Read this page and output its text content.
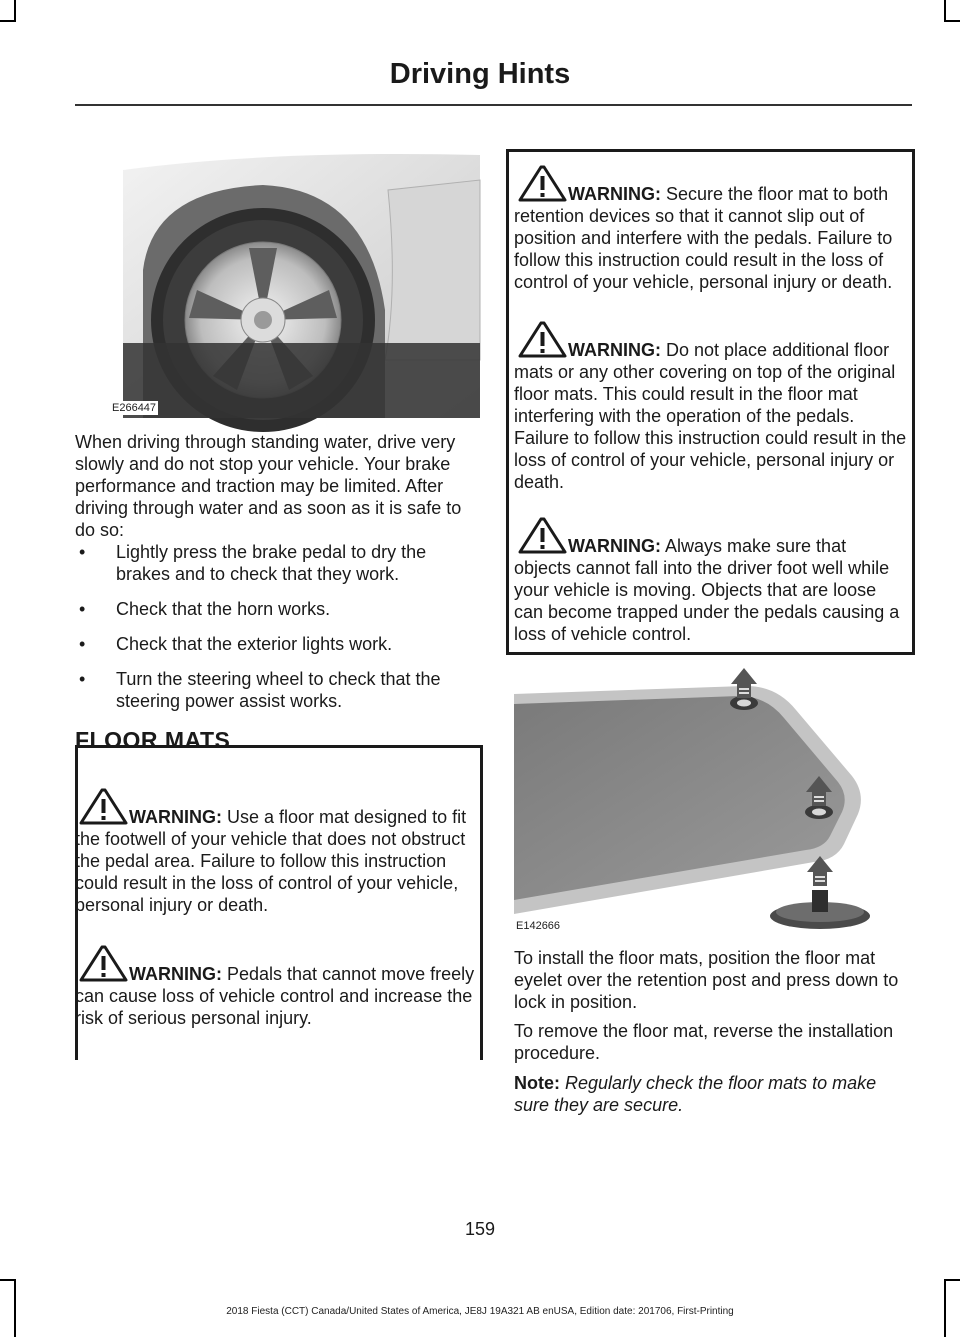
Driving Hints
E266447

When driving through standing water, drive very slowly and do not stop your vehicle. Your brake performance and traction may be limited. After driving through water and as soon as it is safe to do so:

• Lightly press the brake pedal to dry the brakes and to check that they work.
• Check that the horn works.
• Check that the exterior lights work.
• Turn the steering wheel to check that the steering power assist works.
FLOOR MATS
WARNING: Use a floor mat designed to fit the footwell of your vehicle that does not obstruct the pedal area. Failure to follow this instruction could result in the loss of control of your vehicle, personal injury or death.
WARNING: Pedals that cannot move freely can cause loss of vehicle control and increase the risk of serious personal injury.
WARNING: Secure the floor mat to both retention devices so that it cannot slip out of position and interfere with the pedals. Failure to follow this instruction could result in the loss of control of your vehicle, personal injury or death.
WARNING: Do not place additional floor mats or any other covering on top of the original floor mats. This could result in the floor mat interfering with the operation of the pedals. Failure to follow this instruction could result in the loss of control of your vehicle, personal injury or death.
WARNING: Always make sure that objects cannot fall into the driver foot well while your vehicle is moving. Objects that are loose can become trapped under the pedals causing a loss of vehicle control.
E142666

To install the floor mats, position the floor mat eyelet over the retention post and press down to lock in position.

To remove the floor mat, reverse the installation procedure.

Note: Regularly check the floor mats to make sure they are secure.

159
2018 Fiesta (CCT) Canada/United States of America, JE8J 19A321 AB enUSA, Edition date: 201706, First-Printing
